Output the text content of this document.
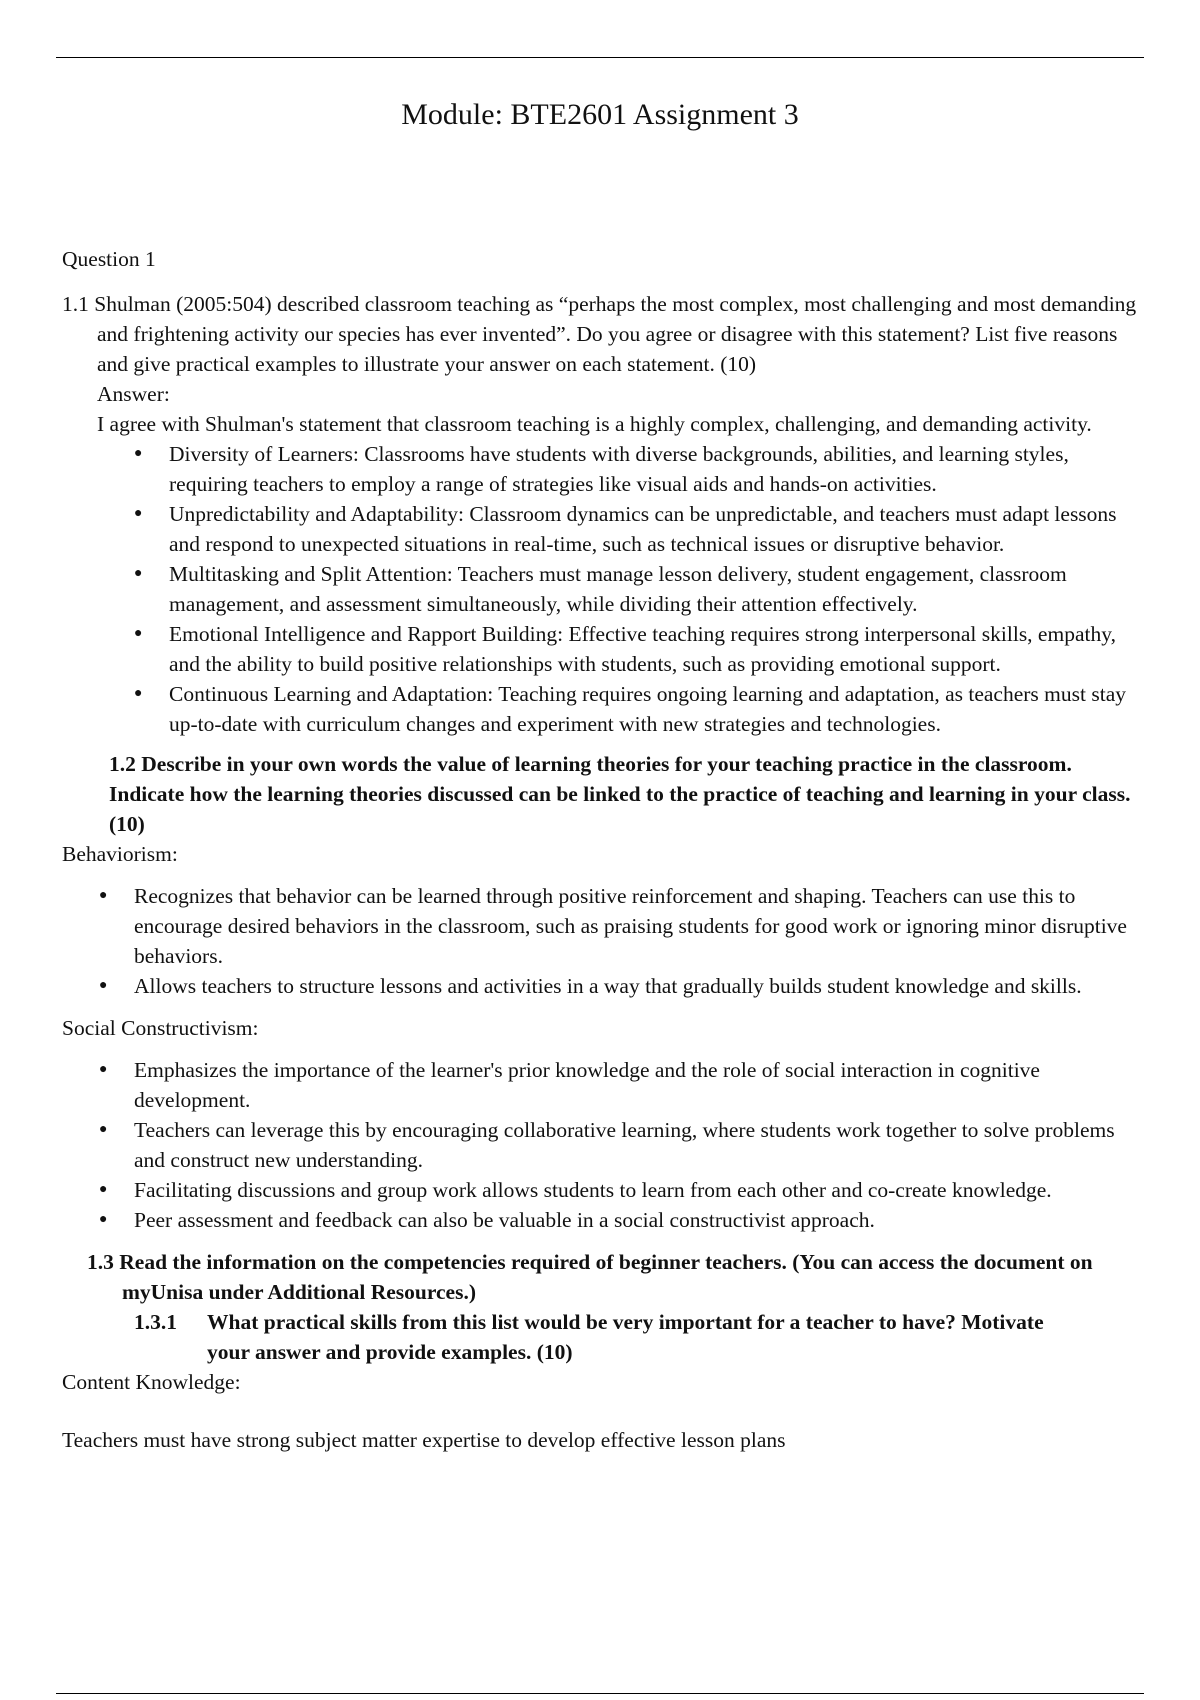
Module: BTE2601 Assignment 3

Question 1

1.1 Shulman (2005:504) described classroom teaching as “perhaps the most complex, most challenging and most demanding and frightening activity our species has ever invented”. Do you agree or disagree with this statement? List five reasons and give practical examples to illustrate your answer on each statement. (10)

Answer:

I agree with Shulman's statement that classroom teaching is a highly complex, challenging, and demanding activity.

● Diversity of Learners: Classrooms have students with diverse backgrounds, abilities, and learning styles, requiring teachers to employ a range of strategies like visual aids and hands-on activities.
● Unpredictability and Adaptability: Classroom dynamics can be unpredictable, and teachers must adapt lessons and respond to unexpected situations in real-time, such as technical issues or disruptive behavior.
● Multitasking and Split Attention: Teachers must manage lesson delivery, student engagement, classroom management, and assessment simultaneously, while dividing their attention effectively.
● Emotional Intelligence and Rapport Building: Effective teaching requires strong interpersonal skills, empathy, and the ability to build positive relationships with students, such as providing emotional support.
● Continuous Learning and Adaptation: Teaching requires ongoing learning and adaptation, as teachers must stay up-to-date with curriculum changes and experiment with new strategies and technologies.

1.2 Describe in your own words the value of learning theories for your teaching practice in the classroom. Indicate how the learning theories discussed can be linked to the practice of teaching and learning in your class. (10)

Behaviorism:

● Recognizes that behavior can be learned through positive reinforcement and shaping. Teachers can use this to encourage desired behaviors in the classroom, such as praising students for good work or ignoring minor disruptive behaviors.
● Allows teachers to structure lessons and activities in a way that gradually builds student knowledge and skills.

Social Constructivism:

● Emphasizes the importance of the learner's prior knowledge and the role of social interaction in cognitive development.
● Teachers can leverage this by encouraging collaborative learning, where students work together to solve problems and construct new understanding.
● Facilitating discussions and group work allows students to learn from each other and co-create knowledge.
● Peer assessment and feedback can also be valuable in a social constructivist approach.

1.3 Read the information on the competencies required of beginner teachers. (You can access the document on myUnisa under Additional Resources.)

1.3.1	What practical skills from this list would be very important for a teacher to have? Motivate your answer and provide examples. (10)

Content Knowledge:

Teachers must have strong subject matter expertise to develop effective lesson plans
